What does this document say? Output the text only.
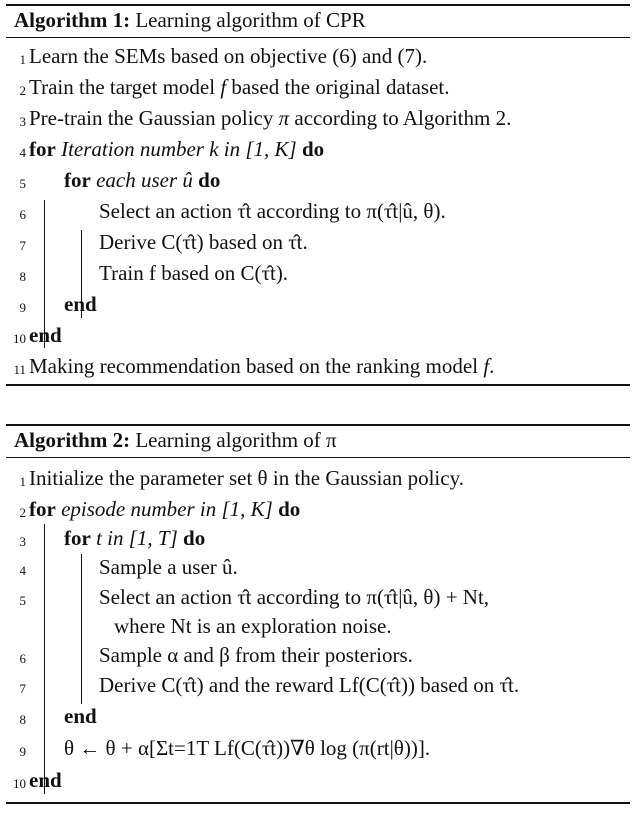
Algorithm 1: Learning algorithm of CPR
1 Learn the SEMs based on objective (6) and (7).
2 Train the target model f based the original dataset.
3 Pre-train the Gaussian policy π according to Algorithm 2.
4 for Iteration number k in [1, K] do
5 for each user û do
6	Select an action τ̂t according to π(τ̂t|û, θ).
7	Derive C(τ̂t) based on τ̂t.
8	Train f based on C(τ̂t).
9 end
10 end
11 Making recommendation based on the ranking model f.
Algorithm 2: Learning algorithm of π
1 Initialize the parameter set θ in the Gaussian policy.
2 for episode number in [1, K] do
3 for t in [1, T] do
4	Sample a user û.
5	Select an action τ̂t according to π(τ̂t|û, θ) + Nt,
where Nt is an exploration noise.
6	Sample α and β from their posteriors.
7	Derive C(τ̂t) and the reward Lf(C(τ̂t)) based on τ̂t.
8 end
9 θ ← θ + α[Σt=1T Lf(C(τ̂t))∇θ log (π(rt|θ))].
10 end
